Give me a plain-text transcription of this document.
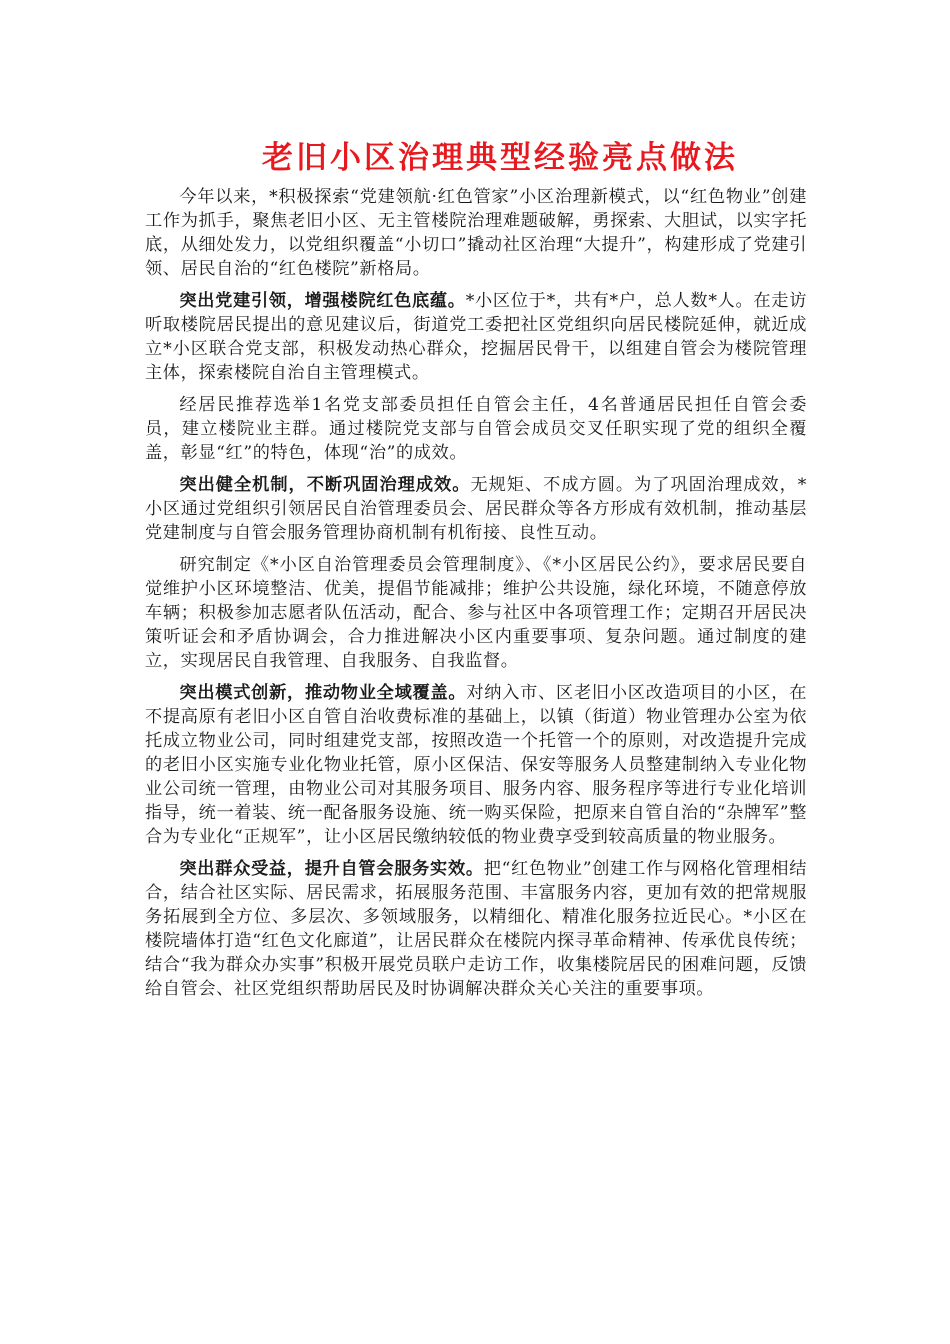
老旧小区治理典型经验亮点做法

今年以来，*积极探索“党建领航·红色管家”小区治理新模式，以“红色物业”创建工作为抓手，聚焦老旧小区、无主管楼院治理难题破解，勇探索、大胆试，以实字托底，从细处发力，以党组织覆盖“小切口”撬动社区治理“大提升”，构建形成了党建引领、居民自治的“红色楼院”新格局。

突出党建引领，增强楼院红色底蕴。*小区位于*，共有*户，总人数*人。在走访听取楼院居民提出的意见建议后，街道党工委把社区党组织向居民楼院延伸，就近成立*小区联合党支部，积极发动热心群众，挖掘居民骨干，以组建自管会为楼院管理主体，探索楼院自治自主管理模式。

经居民推荐选举1名党支部委员担任自管会主任，4名普通居民担任自管会委员，建立楼院业主群。通过楼院党支部与自管会成员交叉任职实现了党的组织全覆盖，彰显“红”的特色，体现“治”的成效。

突出健全机制，不断巩固治理成效。无规矩、不成方圆。为了巩固治理成效，*小区通过党组织引领居民自治管理委员会、居民群众等各方形成有效机制，推动基层党建制度与自管会服务管理协商机制有机衔接、良性互动。

研究制定《*小区自治管理委员会管理制度》、《*小区居民公约》，要求居民要自觉维护小区环境整洁、优美，提倡节能减排；维护公共设施，绿化环境，不随意停放车辆；积极参加志愿者队伍活动，配合、参与社区中各项管理工作；定期召开居民决策听证会和矛盾协调会，合力推进解决小区内重要事项、复杂问题。通过制度的建立，实现居民自我管理、自我服务、自我监督。

突出模式创新，推动物业全域覆盖。对纳入市、区老旧小区改造项目的小区，在不提高原有老旧小区自管自治收费标准的基础上，以镇（街道）物业管理办公室为依托成立物业公司，同时组建党支部，按照改造一个托管一个的原则，对改造提升完成的老旧小区实施专业化物业托管，原小区保洁、保安等服务人员整建制纳入专业化物业公司统一管理，由物业公司对其服务项目、服务内容、服务程序等进行专业化培训指导，统一着装、统一配备服务设施、统一购买保险，把原来自管自治的“杂牌军”整合为专业化“正规军”，让小区居民缴纳较低的物业费享受到较高质量的物业服务。

突出群众受益，提升自管会服务实效。把“红色物业”创建工作与网格化管理相结合，结合社区实际、居民需求，拓展服务范围、丰富服务内容，更加有效的把常规服务拓展到全方位、多层次、多领域服务，以精细化、精准化服务拉近民心。*小区在楼院墙体打造“红色文化廊道”，让居民群众在楼院内探寻革命精神、传承优良传统；结合“我为群众办实事”积极开展党员联户走访工作，收集楼院居民的困难问题，反馈给自管会、社区党组织帮助居民及时协调解决群众关心关注的重要事项。
